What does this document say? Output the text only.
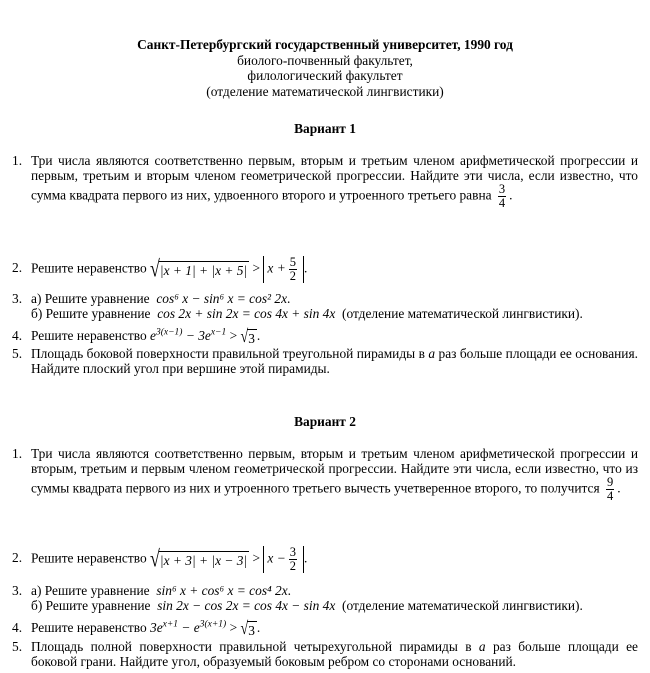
Санкт-Петербургский государственный университет, 1990 год
биолого-почвенный факультет,
филологический факультет
(отделение математической лингвистики)
Вариант 1
1. Три числа являются соответственно первым, вторым и третьим членом арифметической прогрессии и первым, третьим и вторым членом геометрической прогрессии. Найдите эти числа, если известно, что сумма квадрата первого из них, удвоенного второго и утроенного третьего равна $\frac{3}{4}$ .
2. Решите неравенство $√|x + 1| + |x + 5| > x + \frac{5}{2}$ .
3. а) Решите уравнение cos⁶ x − sin⁶ x = cos² 2x.
б) Решите уравнение cos 2x + sin 2x = cos 4x + sin 4x (отделение математической лингвистики).
4. Решите неравенство $e^{3(x-1)} - 3e^{x-1} > √3$ .
5. Площадь боковой поверхности правильной треугольной пирамиды в a раз больше площади ее основания. Найдите плоский угол при вершине этой пирамиды.
Вариант 2
1. Три числа являются соответственно первым, вторым и третьим членом арифметической прогрессии и вторым, третьим и первым членом геометрической прогрессии. Найдите эти числа, если известно, что из суммы квадрата первого из них и утроенного третьего вычесть учетверенное второго, то получится $\frac{9}{4}$ .
2. Решите неравенство $√|x + 3| + |x - 3| > x - \frac{3}{2}$ .
3. а) Решите уравнение sin⁶ x + cos⁶ x = cos⁴ 2x.
б) Решите уравнение sin 2x − cos 2x = cos 4x − sin 4x (отделение математической лингвистики).
4. Решите неравенство $3e^{x+1} - e^{3(x+1)} > √3$ .
5. Площадь полной поверхности правильной четырехугольной пирамиды в a раз больше площади ее боковой грани. Найдите угол, образуемый боковым ребром со сторонами оснований.
